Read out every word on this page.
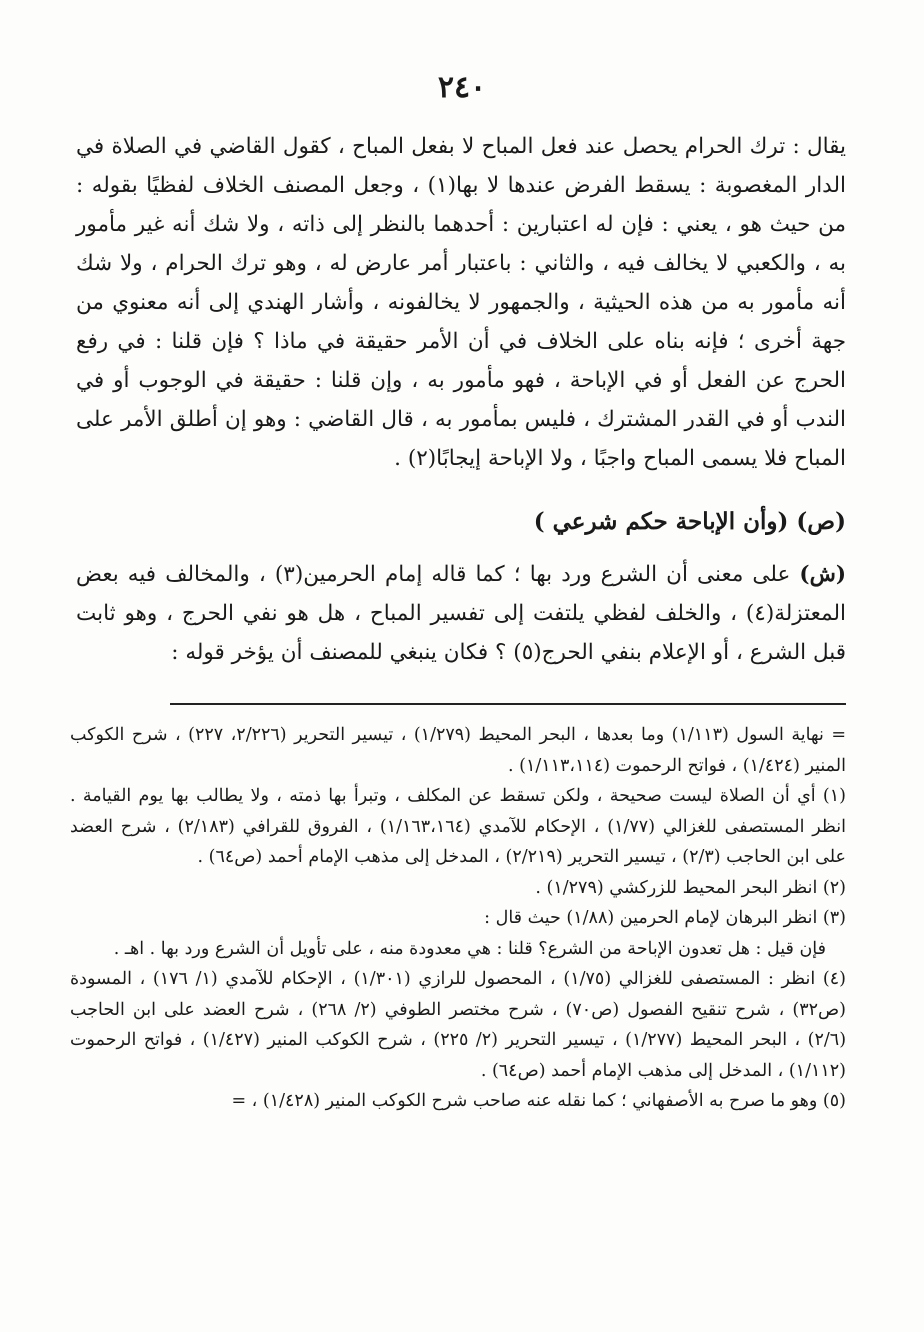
٢٤٠

يقال : ترك الحرام يحصل عند فعل المباح لا بفعل المباح ، كقول القاضي في الصلاة في الدار المغصوبة : يسقط الفرض عندها لا بها(١) ، وجعل المصنف الخلاف لفظيًا بقوله : من حيث هو ، يعني : فإن له اعتبارين : أحدهما بالنظر إلى ذاته ، ولا شك أنه غير مأمور به ، والكعبي لا يخالف فيه ، والثاني : باعتبار أمر عارض له ، وهو ترك الحرام ، ولا شك أنه مأمور به من هذه الحيثية ، والجمهور لا يخالفونه ، وأشار الهندي إلى أنه معنوي من جهة أخرى ؛ فإنه بناه على الخلاف في أن الأمر حقيقة في ماذا ؟ فإن قلنا : في رفع الحرج عن الفعل أو في الإباحة ، فهو مأمور به ، وإن قلنا : حقيقة في الوجوب أو في الندب أو في القدر المشترك ، فليس بمأمور به ، قال القاضي : وهو إن أطلق الأمر على المباح فلا يسمى المباح واجبًا ، ولا الإباحة إيجابًا(٢) .

(ص) (وأن الإباحة حكم شرعي )

(ش) على معنى أن الشرع ورد بها ؛ كما قاله إمام الحرمين(٣) ، والمخالف فيه بعض المعتزلة(٤) ، والخلف لفظي يلتفت إلى تفسير المباح ، هل هو نفي الحرج ، وهو ثابت قبل الشرع ، أو الإعلام بنفي الحرج(٥) ؟ فكان ينبغي للمصنف أن يؤخر قوله :

= نهاية السول (١/١١٣) وما بعدها ، البحر المحيط (١/٢٧٩) ، تيسير التحرير (٢/٢٢٦، ٢٢٧) ، شرح الكوكب المنير (١/٤٢٤) ، فواتح الرحموت (١/١١٣،١١٤) .

(١) أي أن الصلاة ليست صحيحة ، ولكن تسقط عن المكلف ، وتبرأ بها ذمته ، ولا يطالب بها يوم القيامة . انظر المستصفى للغزالي (١/٧٧) ، الإحكام للآمدي (١/١٦٣،١٦٤) ، الفروق للقرافي (٢/١٨٣) ، شرح العضد على ابن الحاجب (٢/٣) ، تيسير التحرير (٢/٢١٩) ، المدخل إلى مذهب الإمام أحمد (ص٦٤) .

(٢) انظر البحر المحيط للزركشي (١/٢٧٩) .

(٣) انظر البرهان لإمام الحرمين (١/٨٨) حيث قال :

فإن قيل : هل تعدون الإباحة من الشرع؟ قلنا : هي معدودة منه ، على تأويل أن الشرع ورد بها . اهـ .

(٤) انظر : المستصفى للغزالي (١/٧٥) ، المحصول للرازي (١/٣٠١) ، الإحكام للآمدي (١/ ١٧٦) ، المسودة (ص٣٢) ، شرح تنقيح الفصول (ص٧٠) ، شرح مختصر الطوفي (٢/ ٢٦٨) ، شرح العضد على ابن الحاجب (٢/٦) ، البحر المحيط (١/٢٧٧) ، تيسير التحرير (٢/ ٢٢٥) ، شرح الكوكب المنير (١/٤٢٧) ، فواتح الرحموت (١/١١٢) ، المدخل إلى مذهب الإمام أحمد (ص٦٤) .

(٥) وهو ما صرح به الأصفهاني ؛ كما نقله عنه صاحب شرح الكوكب المنير (١/٤٢٨) ، =
